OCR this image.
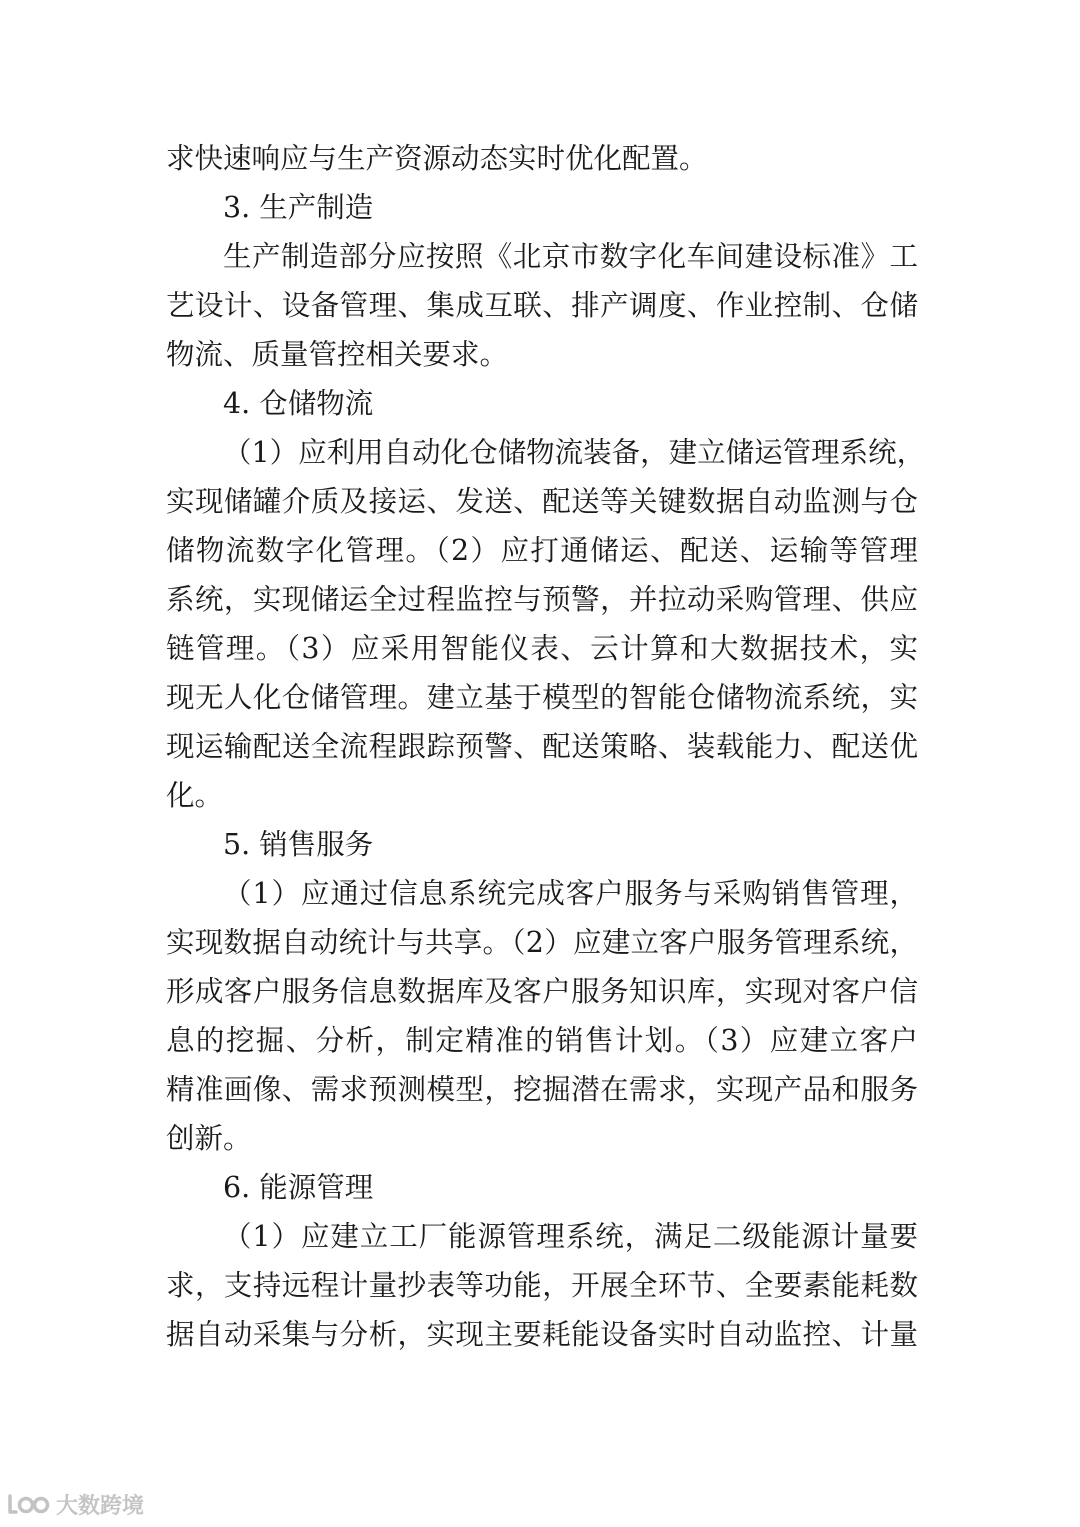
求快速响应与生产资源动态实时优化配置。
3. 生产制造
生产制造部分应按照《北京市数字化车间建设标准》工
艺设计、设备管理、集成互联、排产调度、作业控制、仓储
物流、质量管控相关要求。
4. 仓储物流
（1）应利用自动化仓储物流装备，建立储运管理系统，
实现储罐介质及接运、发送、配送等关键数据自动监测与仓
储物流数字化管理。（2）应打通储运、配送、运输等管理
系统，实现储运全过程监控与预警，并拉动采购管理、供应
链管理。（3）应采用智能仪表、云计算和大数据技术，实
现无人化仓储管理。建立基于模型的智能仓储物流系统，实
现运输配送全流程跟踪预警、配送策略、装载能力、配送优
化。
5. 销售服务
（1）应通过信息系统完成客户服务与采购销售管理，
实现数据自动统计与共享。（2）应建立客户服务管理系统，
形成客户服务信息数据库及客户服务知识库，实现对客户信
息的挖掘、分析，制定精准的销售计划。（3）应建立客户
精准画像、需求预测模型，挖掘潜在需求，实现产品和服务
创新。
6. 能源管理
（1）应建立工厂能源管理系统，满足二级能源计量要
求，支持远程计量抄表等功能，开展全环节、全要素能耗数
据自动采集与分析，实现主要耗能设备实时自动监控、计量
大数跨境
